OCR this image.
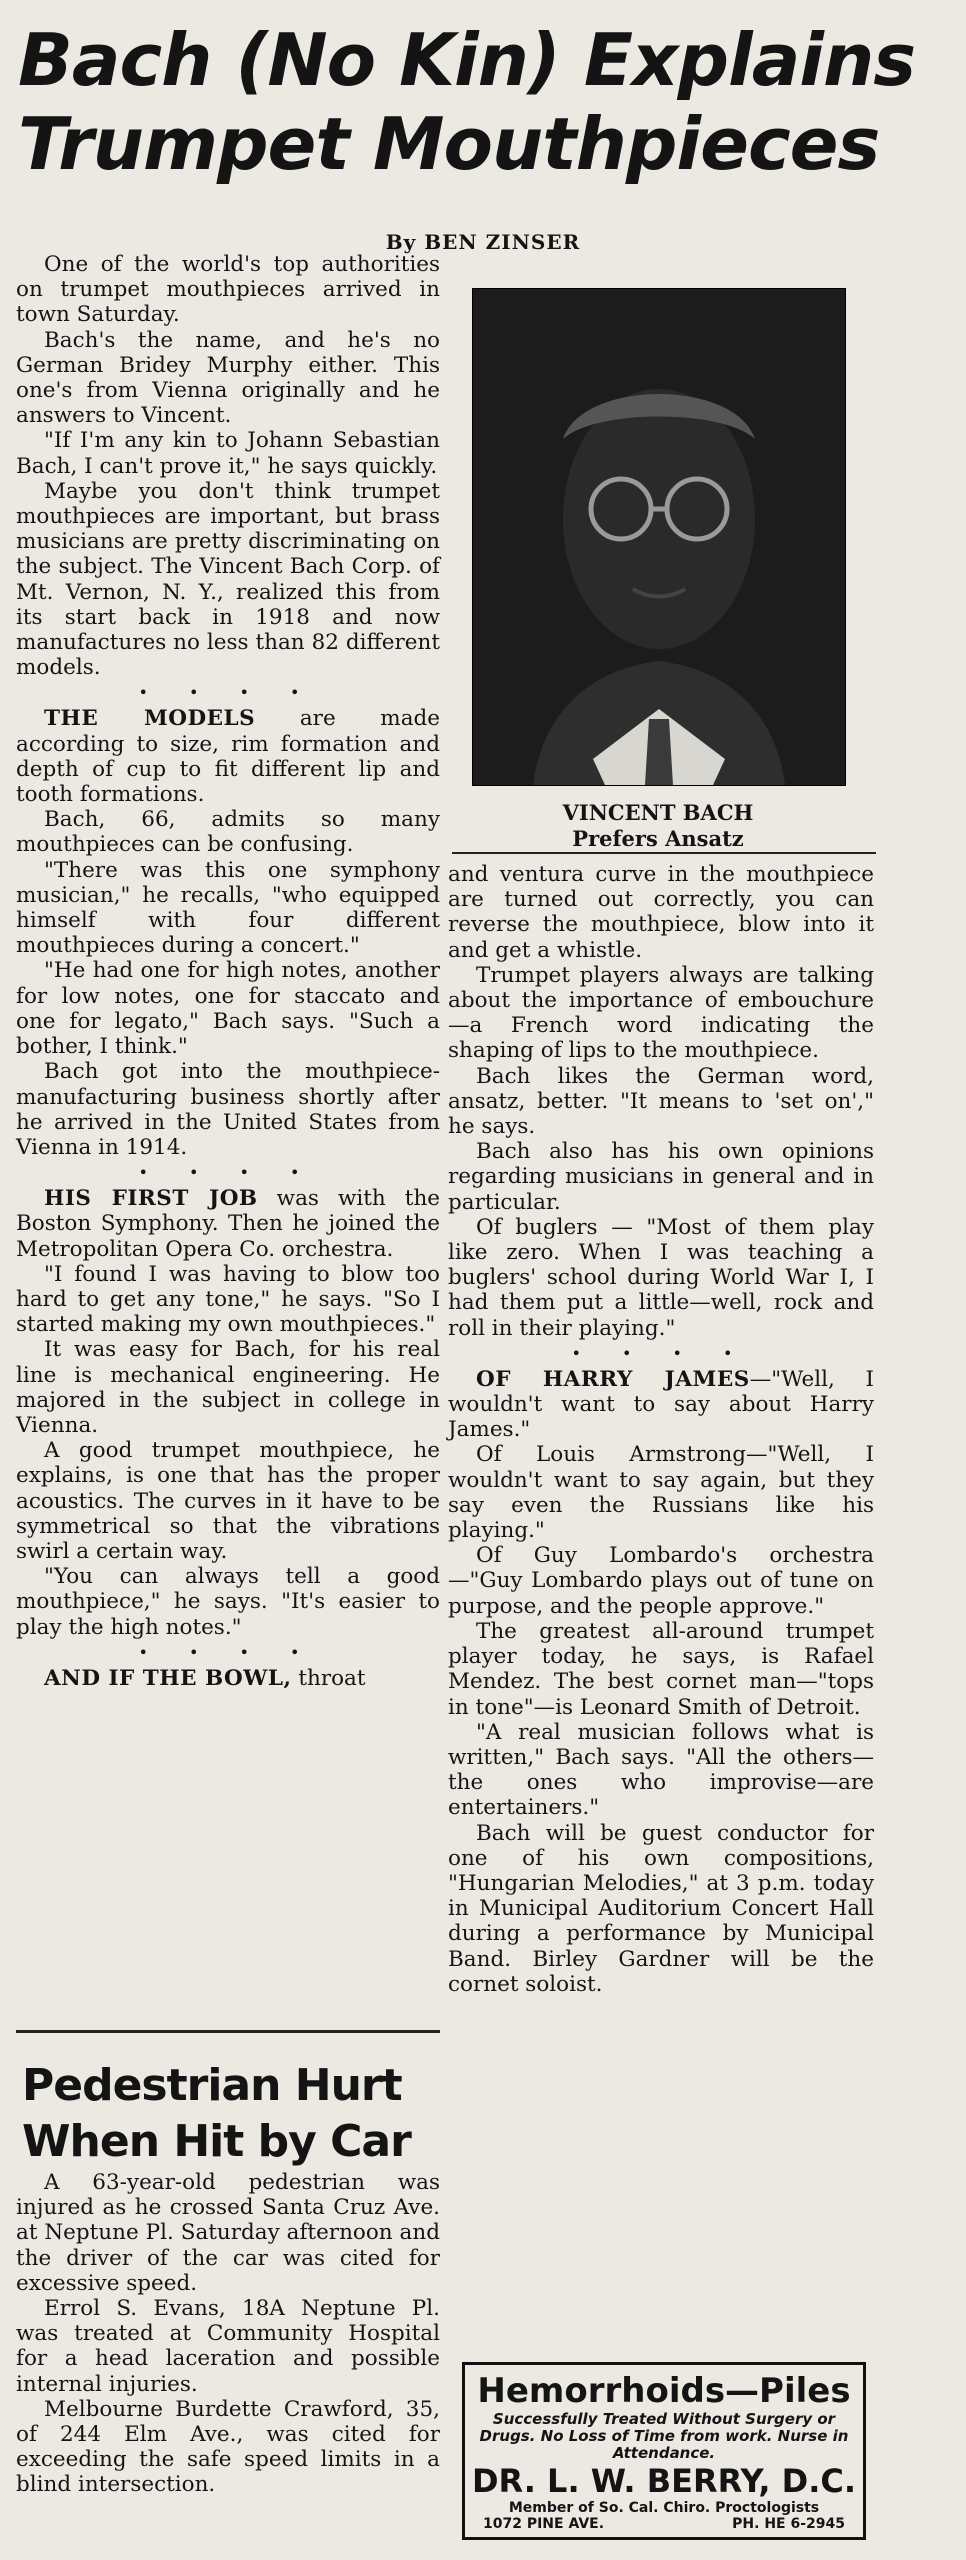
Bach (No Kin) Explains
Trumpet Mouthpieces
By BEN ZINSER

One of the world's top authorities on trumpet mouthpieces arrived in town Saturday.

Bach's the name, and he's no German Bridey Murphy either. This one's from Vienna originally and he answers to Vincent.

"If I'm any kin to Johann Sebastian Bach, I can't prove it," he says quickly.

Maybe you don't think trumpet mouthpieces are important, but brass musicians are pretty discriminating on the subject. The Vincent Bach Corp. of Mt. Vernon, N. Y., realized this from its start back in 1918 and now manufactures no less than 82 different models.

• • • •

THE MODELS are made according to size, rim formation and depth of cup to fit different lip and tooth formations.

Bach, 66, admits so many mouthpieces can be confusing.

"There was this one symphony musician," he recalls, "who equipped himself with four different mouthpieces during a concert."

"He had one for high notes, another for low notes, one for staccato and one for legato," Bach says. "Such a bother, I think."

Bach got into the mouthpiece-manufacturing business shortly after he arrived in the United States from Vienna in 1914.

• • • •

HIS FIRST JOB was with the Boston Symphony. Then he joined the Metropolitan Opera Co. orchestra.

"I found I was having to blow too hard to get any tone," he says. "So I started making my own mouthpieces."

It was easy for Bach, for his real line is mechanical engineering. He majored in the subject in college in Vienna.

A good trumpet mouthpiece, he explains, is one that has the proper acoustics. The curves in it have to be symmetrical so that the vibrations swirl a certain way.

"You can always tell a good mouthpiece," he says. "It's easier to play the high notes."

• • • •

AND IF THE BOWL, throat

VINCENT BACH
Prefers Ansatz

and ventura curve in the mouthpiece are turned out correctly, you can reverse the mouthpiece, blow into it and get a whistle.

Trumpet players always are talking about the importance of embouchure—a French word indicating the shaping of lips to the mouthpiece.

Bach likes the German word, ansatz, better. "It means to 'set on'," he says.

Bach also has his own opinions regarding musicians in general and in particular.

Of buglers — "Most of them play like zero. When I was teaching a buglers' school during World War I, I had them put a little—well, rock and roll in their playing."

• • • •

OF HARRY JAMES—"Well, I wouldn't want to say about Harry James."

Of Louis Armstrong—"Well, I wouldn't want to say again, but they say even the Russians like his playing."

Of Guy Lombardo's orchestra —"Guy Lombardo plays out of tune on purpose, and the people approve."

The greatest all-around trumpet player today, he says, is Rafael Mendez. The best cornet man—"tops in tone"—is Leonard Smith of Detroit.

"A real musician follows what is written," Bach says. "All the others—the ones who improvise—are entertainers."

Bach will be guest conductor for one of his own compositions, "Hungarian Melodies," at 3 p.m. today in Municipal Auditorium Concert Hall during a performance by Municipal Band. Birley Gardner will be the cornet soloist.

Pedestrian Hurt
When Hit by Car

A 63-year-old pedestrian was injured as he crossed Santa Cruz Ave. at Neptune Pl. Saturday afternoon and the driver of the car was cited for excessive speed.

Errol S. Evans, 18A Neptune Pl. was treated at Community Hospital for a head laceration and possible internal injuries.

Melbourne Burdette Crawford, 35, of 244 Elm Ave., was cited for exceeding the safe speed limits in a blind intersection.

Hemorrhoids—Piles
Successfully Treated Without Surgery or Drugs. No Loss of Time from work. Nurse in Attendance.
DR. L. W. BERRY, D.C.
Member of So. Cal. Chiro. Proctologists
1072 PINE AVE.	PH. HE 6-2945
